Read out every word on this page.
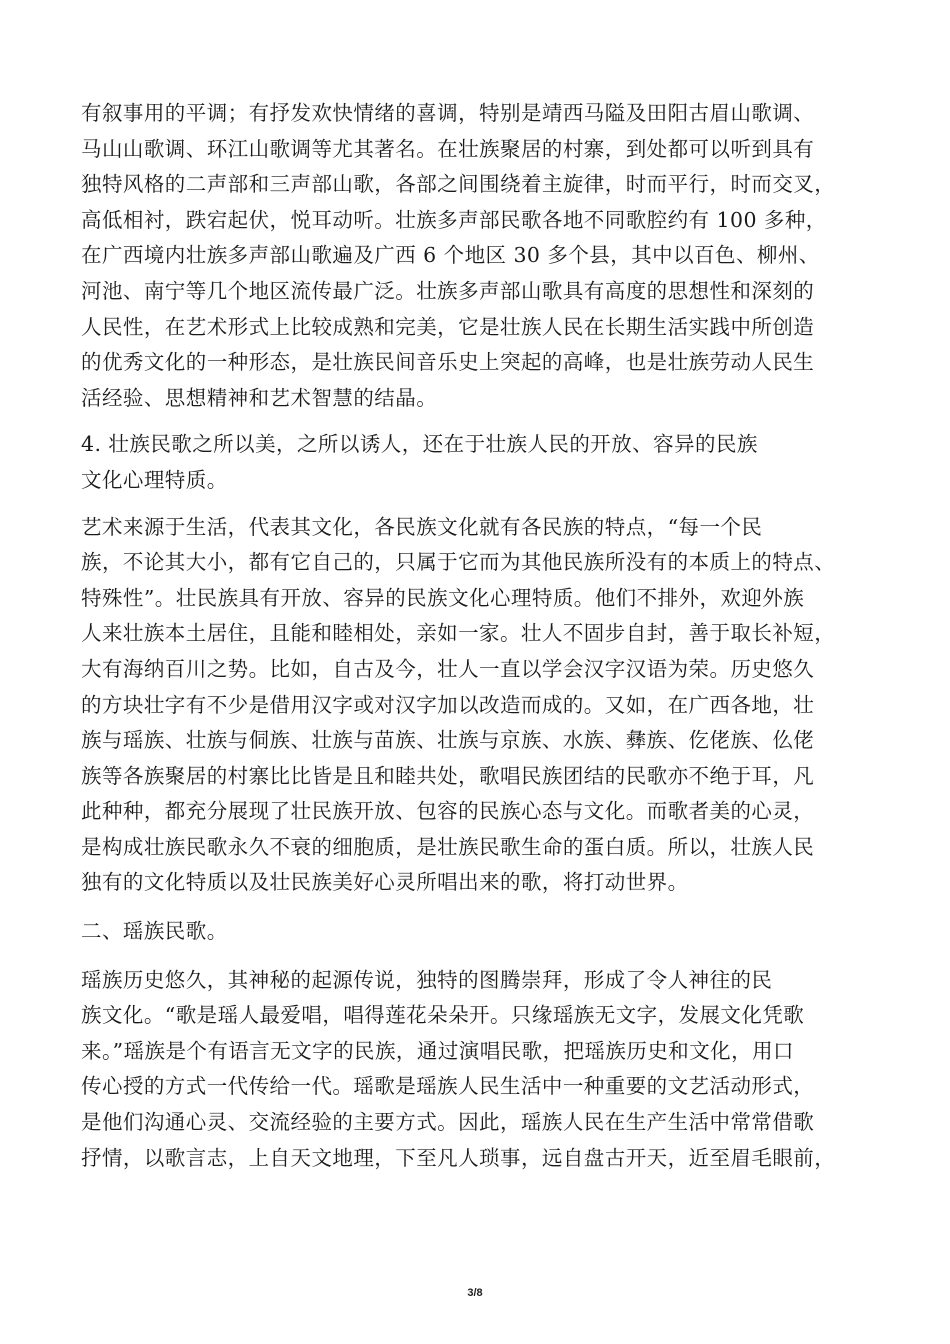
有叙事用的平调；有抒发欢快情绪的喜调，特别是靖西马隘及田阳古眉山歌调、
马山山歌调、环江山歌调等尤其著名。在壮族聚居的村寨，到处都可以听到具有
独特风格的二声部和三声部山歌，各部之间围绕着主旋律，时而平行，时而交叉，
高低相衬，跌宕起伏，悦耳动听。壮族多声部民歌各地不同歌腔约有 100 多种，
在广西境内壮族多声部山歌遍及广西 6 个地区 30 多个县，其中以百色、柳州、
河池、南宁等几个地区流传最广泛。壮族多声部山歌具有高度的思想性和深刻的
人民性，在艺术形式上比较成熟和完美，它是壮族人民在长期生活实践中所创造
的优秀文化的一种形态，是壮族民间音乐史上突起的高峰，也是壮族劳动人民生
活经验、思想精神和艺术智慧的结晶。

4. 壮族民歌之所以美，之所以诱人，还在于壮族人民的开放、容异的民族
文化心理特质。

艺术来源于生活，代表其文化，各民族文化就有各民族的特点，“每一个民
族，不论其大小，都有它自己的，只属于它而为其他民族所没有的本质上的特点、
特殊性”。壮民族具有开放、容异的民族文化心理特质。他们不排外，欢迎外族
人来壮族本土居住，且能和睦相处，亲如一家。壮人不固步自封，善于取长补短，
大有海纳百川之势。比如，自古及今，壮人一直以学会汉字汉语为荣。历史悠久
的方块壮字有不少是借用汉字或对汉字加以改造而成的。又如，在广西各地，壮
族与瑶族、壮族与侗族、壮族与苗族、壮族与京族、水族、彝族、仡佬族、仫佬
族等各族聚居的村寨比比皆是且和睦共处，歌唱民族团结的民歌亦不绝于耳，凡
此种种，都充分展现了壮民族开放、包容的民族心态与文化。而歌者美的心灵，
是构成壮族民歌永久不衰的细胞质，是壮族民歌生命的蛋白质。所以，壮族人民
独有的文化特质以及壮民族美好心灵所唱出来的歌，将打动世界。

二、瑶族民歌。

瑶族历史悠久，其神秘的起源传说，独特的图腾崇拜，形成了令人神往的民
族文化。“歌是瑶人最爱唱，唱得莲花朵朵开。只缘瑶族无文字，发展文化凭歌
来。”瑶族是个有语言无文字的民族，通过演唱民歌，把瑶族历史和文化，用口
传心授的方式一代传给一代。瑶歌是瑶族人民生活中一种重要的文艺活动形式，
是他们沟通心灵、交流经验的主要方式。因此，瑶族人民在生产生活中常常借歌
抒情，以歌言志，上自天文地理，下至凡人琐事，远自盘古开天，近至眉毛眼前，

3/8
